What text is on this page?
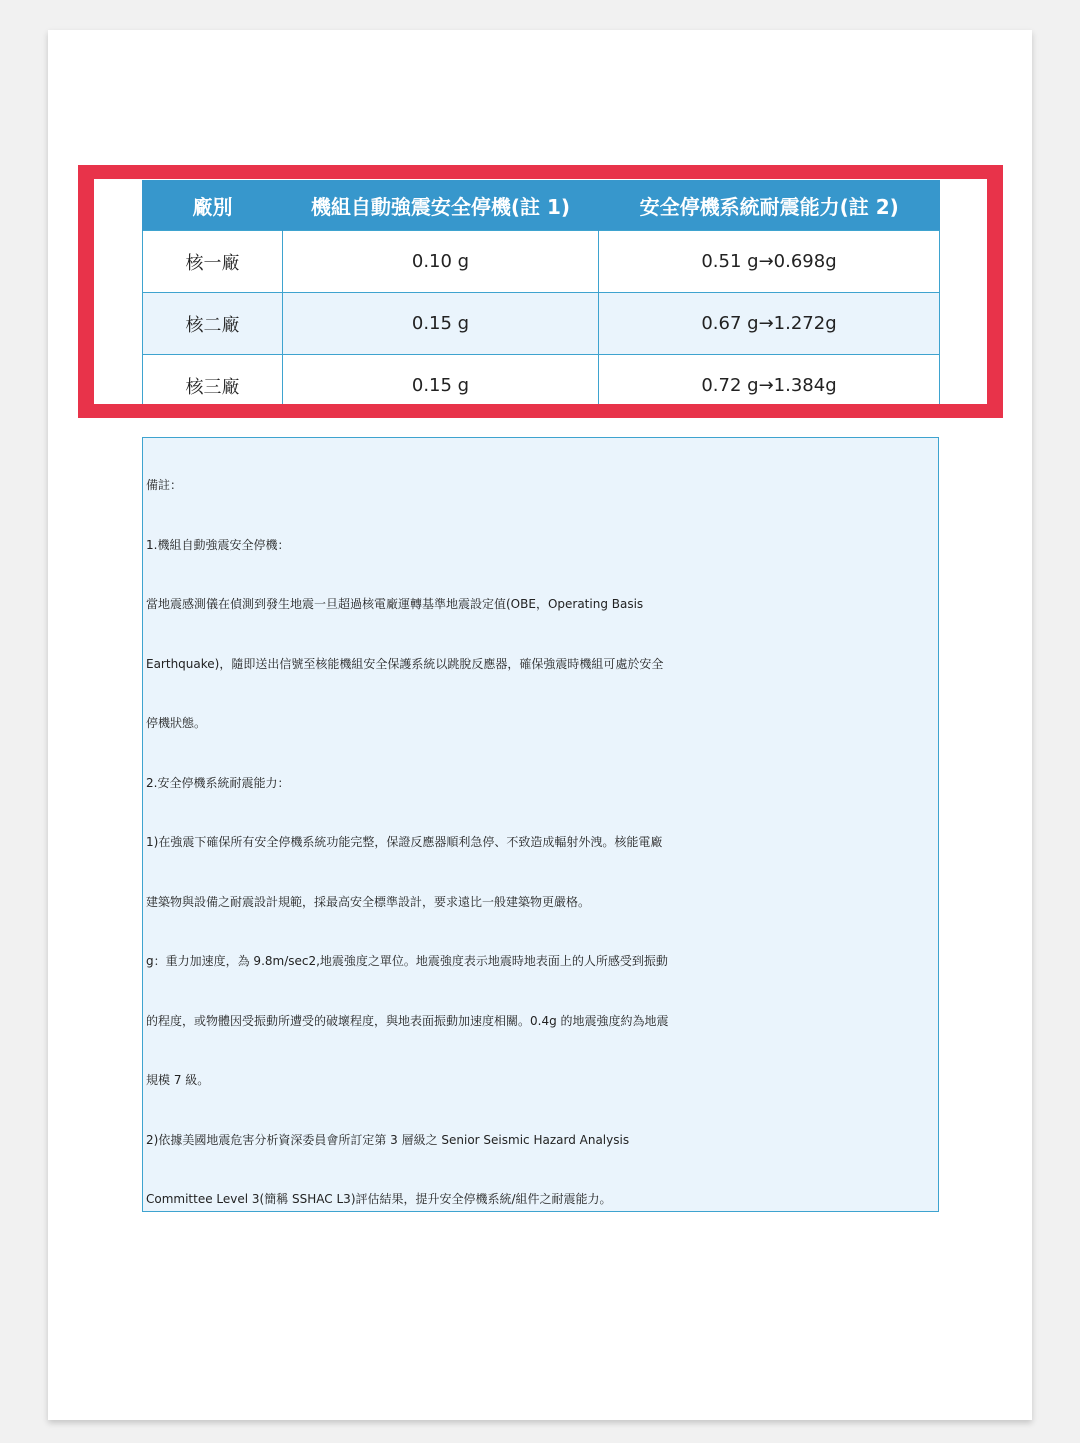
廠別	機組自動強震安全停機(註 1)	安全停機系統耐震能力(註 2)
核一廠	0.10 g	0.51 g→0.698g
核二廠	0.15 g	0.67 g→1.272g
核三廠	0.15 g	0.72 g→1.384g

備註：

1.機組自動強震安全停機：

當地震感測儀在偵測到發生地震一旦超過核電廠運轉基準地震設定值(OBE，Operating Basis

Earthquake)，隨即送出信號至核能機組安全保護系統以跳脫反應器，確保強震時機組可處於安全

停機狀態。

2.安全停機系統耐震能力：

1)在強震下確保所有安全停機系統功能完整，保證反應器順利急停、不致造成輻射外洩。核能電廠

建築物與設備之耐震設計規範，採最高安全標準設計，要求遠比一般建築物更嚴格。

g：重力加速度，為 9.8m/sec2,地震強度之單位。地震強度表示地震時地表面上的人所感受到振動

的程度，或物體因受振動所遭受的破壞程度，與地表面振動加速度相關。0.4g 的地震強度約為地震

規模 7 級。

2)依據美國地震危害分析資深委員會所訂定第 3 層級之 Senior Seismic Hazard Analysis

Committee Level 3(簡稱 SSHAC L3)評估結果，提升安全停機系統/組件之耐震能力。
